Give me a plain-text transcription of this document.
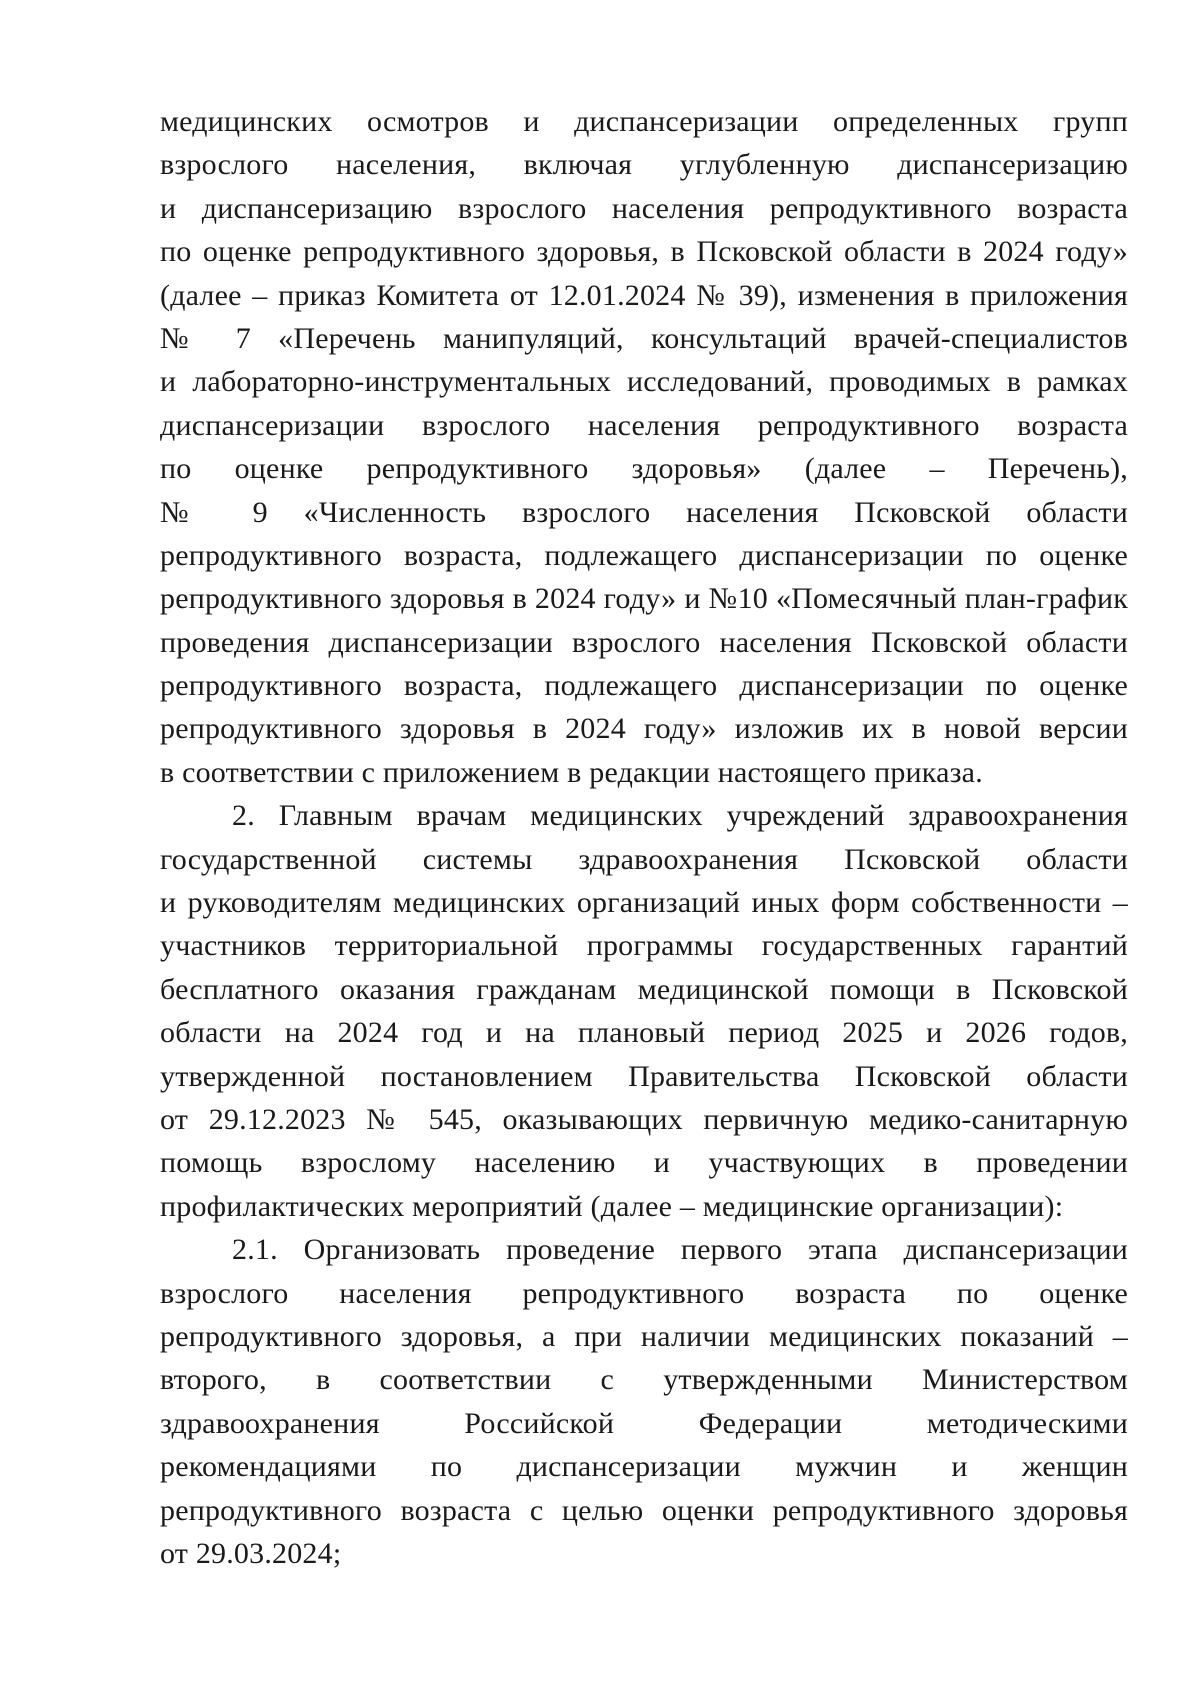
медицинских осмотров и диспансеризации определенных групп
взрослого населения, включая углубленную диспансеризацию
и диспансеризацию взрослого населения репродуктивного возраста
по оценке репродуктивного здоровья, в Псковской области в 2024 году»
(далее – приказ Комитета от 12.01.2024 № 39), изменения в приложения
№ 7 «Перечень манипуляций, консультаций врачей-специалистов
и лабораторно-инструментальных исследований, проводимых в рамках
диспансеризации взрослого населения репродуктивного возраста
по оценке репродуктивного здоровья» (далее – Перечень),
№ 9 «Численность взрослого населения Псковской области
репродуктивного возраста, подлежащего диспансеризации по оценке
репродуктивного здоровья в 2024 году» и №10 «Помесячный план-график
проведения диспансеризации взрослого населения Псковской области
репродуктивного возраста, подлежащего диспансеризации по оценке
репродуктивного здоровья в 2024 году» изложив их в новой версии
в соответствии с приложением в редакции настоящего приказа.
2. Главным врачам медицинских учреждений здравоохранения
государственной системы здравоохранения Псковской области
и руководителям медицинских организаций иных форм собственности –
участников территориальной программы государственных гарантий
бесплатного оказания гражданам медицинской помощи в Псковской
области на 2024 год и на плановый период 2025 и 2026 годов,
утвержденной постановлением Правительства Псковской области
от 29.12.2023 № 545, оказывающих первичную медико-санитарную
помощь взрослому населению и участвующих в проведении
профилактических мероприятий (далее – медицинские организации):
2.1. Организовать проведение первого этапа диспансеризации
взрослого населения репродуктивного возраста по оценке
репродуктивного здоровья, а при наличии медицинских показаний –
второго, в соответствии с утвержденными Министерством
здравоохранения Российской Федерации методическими
рекомендациями по диспансеризации мужчин и женщин
репродуктивного возраста с целью оценки репродуктивного здоровья
от 29.03.2024;
